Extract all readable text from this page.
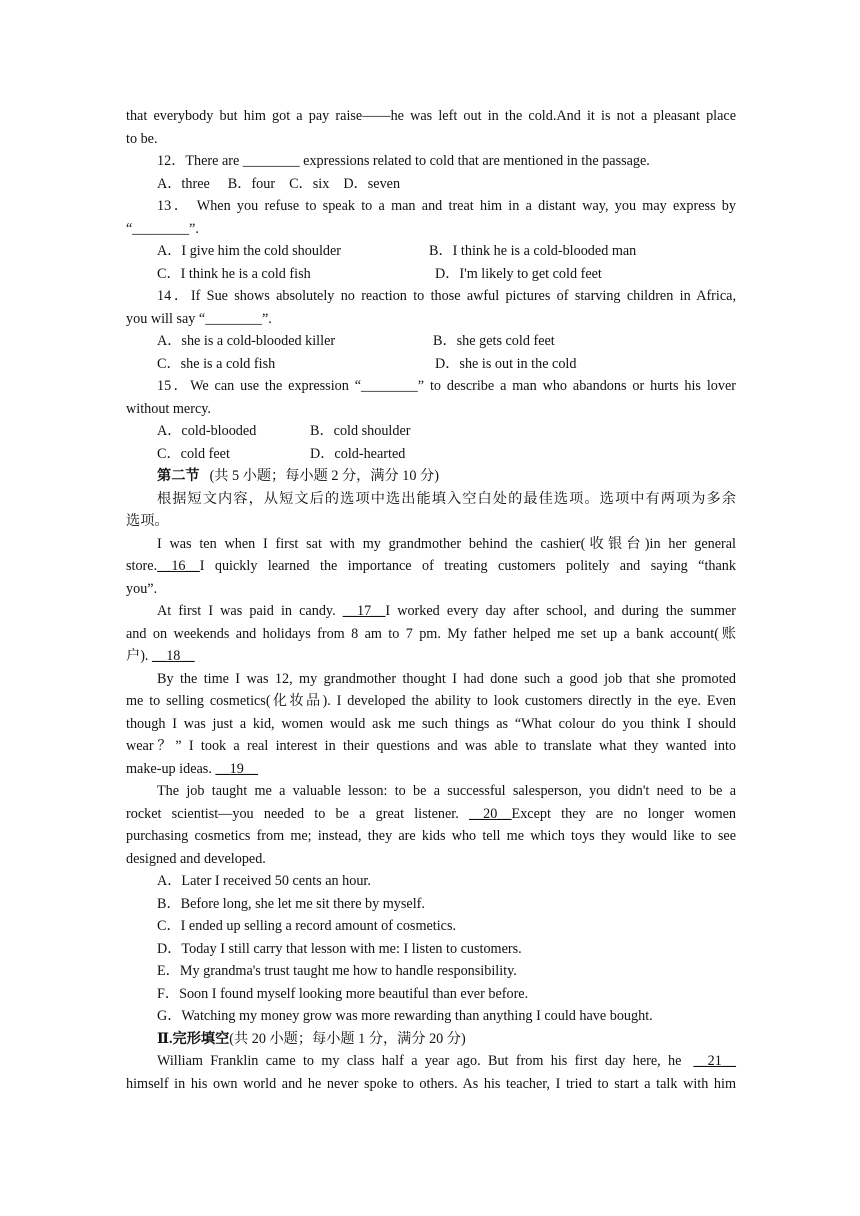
that everybody but him got a pay raise——he was left out in the cold.And it is not a pleasant place
to be.
12．There are ________ expressions related to cold that are mentioned in the passage.
A．three B．four C．six D．seven
13． When you refuse to speak to a man and treat him in a distant way, you may express by
“________”.
A．I give him the cold shoulder	B．I think he is a cold-blooded man
C．I think he is a cold fish	D．I'm likely to get cold feet
14．If Sue shows absolutely no reaction to those awful pictures of starving children in Africa,
you will say “________”.
A．she is a cold-blooded killer	B．she gets cold feet
C．she is a cold fish	D．she is out in the cold
15．We can use the expression “________” to describe a man who abandons or hurts his lover
without mercy.
A．cold-blooded	B．cold shoulder
C．cold feet	D．cold-hearted
第二节 (共 5 小题；每小题 2 分，满分 10 分)
根据短文内容，从短文后的选项中选出能填入空白处的最佳选项。选项中有两项为多余
选项。
I was ten when I first sat with my grandmother behind the cashier(收银台)in her general
store.__16__I quickly learned the importance of treating customers politely and saying “thank
you”.
At first I was paid in candy. __17__I worked every day after school, and during the summer
and on weekends and holidays from 8 am to 7 pm. My father helped me set up a bank account(账
户). __18__
By the time I was 12, my grandmother thought I had done such a good job that she promoted
me to selling cosmetics(化妆品). I developed the ability to look customers directly in the eye. Even
though I was just a kid, women would ask me such things as “What colour do you think I should
wear？” I took a real interest in their questions and was able to translate what they wanted into
make-up ideas. __19__
The job taught me a valuable lesson: to be a successful salesperson, you didn't need to be a
rocket scientist—you needed to be a great listener. __20__Except they are no longer women
purchasing cosmetics from me; instead, they are kids who tell me which toys they would like to see
designed and developed.
A．Later I received 50 cents an hour.
B．Before long, she let me sit there by myself.
C．I ended up selling a record amount of cosmetics.
D．Today I still carry that lesson with me: I listen to customers.
E．My grandma's trust taught me how to handle responsibility.
F．Soon I found myself looking more beautiful than ever before.
G．Watching my money grow was more rewarding than anything I could have bought.
Ⅱ.完形填空(共 20 小题；每小题 1 分，满分 20 分)
William Franklin came to my class half a year ago. But from his first day here, he __21__
himself in his own world and he never spoke to others. As his teacher, I tried to start a talk with him
